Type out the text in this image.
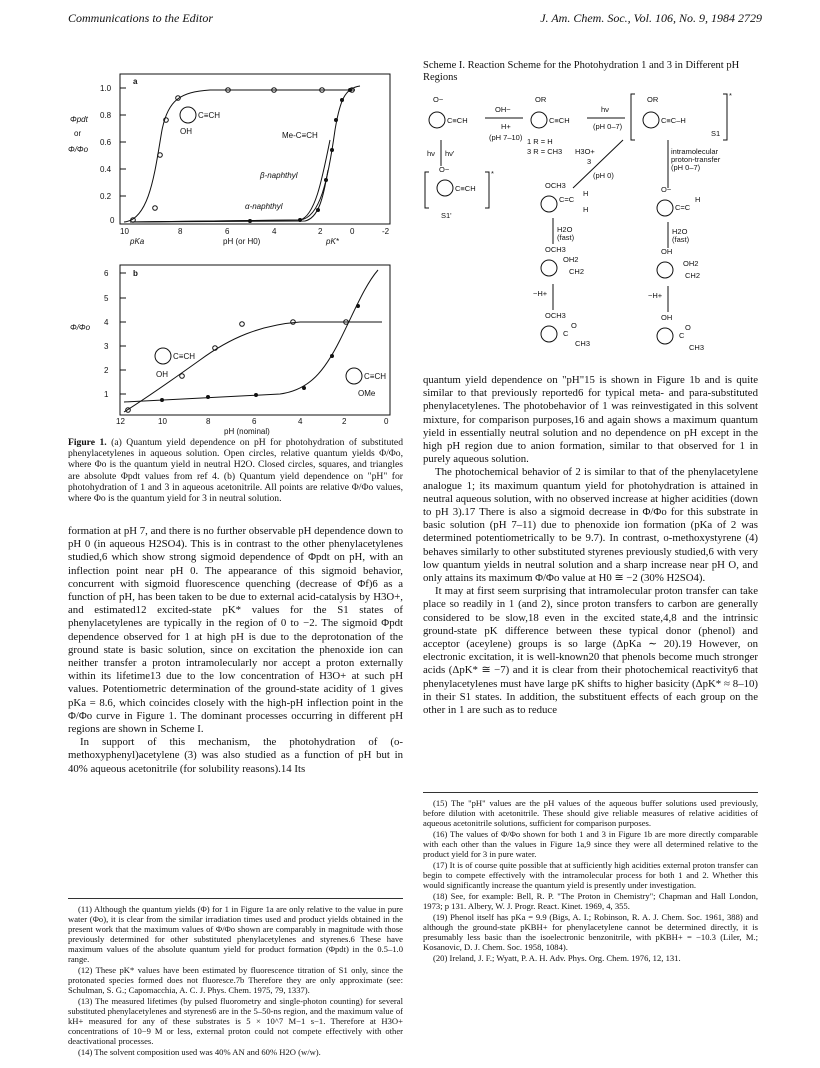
Communications to the Editor	J. Am. Chem. Soc., Vol. 106, No. 9, 1984 2729
a
1.0
0.8
0.6
0.4
0.2
0
Φpdt
or
Φ/Φo
10	8	6	4	2	0	-2
pKa	pH (or H0)	pK*
Me-C≡CH
β-naphthyl
α-naphthyl
C≡CH
OH
b
6
5
4
3
2
1
Φ/Φo
12	10	8	6	4	2	0
pH (nominal)
C≡CH
OH	C≡CH
OMe
Figure 1. (a) Quantum yield dependence on pH for photohydration of substituted phenylacetylenes in aqueous solution. Open circles, relative quantum yields Φ/Φo, where Φo is the quantum yield in neutral H2O. Closed circles, squares, and triangles are absolute Φpdt values from ref 4. (b) Quantum yield dependence on "pH" for photohydration of 1 and 3 in aqueous acetonitrile. All points are relative Φ/Φo values, where Φo is the quantum yield for 3 in neutral solution.

formation at pH 7, and there is no further observable pH dependence down to pH 0 (in aqueous H2SO4). This is in contrast to the other phenylacetylenes studied,6 which show strong sigmoid dependence of Φpdt on pH, with an inflection point near pH 0. The appearance of this sigmoid behavior, concurrent with sigmoid fluorescence quenching (decrease of Φf)6 as a function of pH, has been taken to be due to external acid-catalysis by H3O+, and estimated12 excited-state pK* values for the S1 states of phenylacetylenes are typically in the region of 0 to −2. The sigmoid Φpdt dependence observed for 1 at high pH is due to the deprotonation of the ground state is basic solution, since on excitation the phenoxide ion can neither transfer a proton intramolecularly nor accept a proton externally within its lifetime13 due to the low concentration of H3O+ at such pH values. Potentiometric determination of the ground-state acidity of 1 gives pKa = 8.6, which coincides closely with the high-pH inflection point in the Φ/Φo curve in Figure 1. The dominant processes occurring in different pH regions are shown in Scheme I.

In support of this mechanism, the photohydration of (o-methoxyphenyl)acetylene (3) was also studied as a function of pH but in 40% aqueous acetonitrile (for solubility reasons).14 Its

(11) Although the quantum yields (Φ) for 1 in Figure 1a are only relative to the value in pure water (Φo), it is clear from the similar irradiation times used and product yields obtained in the present work that the maximum values of Φ/Φo shown are comparably in magnitude with those previously determined for other substituted phenylacetylenes and styrenes.6 These have maximum values of the absolute quantum yield for product formation (Φpdt) in the 0.5–1.0 range.

(12) These pK* values have been estimated by fluorescence titration of S1 only, since the protonated species formed does not fluoresce.7b Therefore they are only approximate (see: Schulman, S. G.; Capomacchia, A. C. J. Phys. Chem. 1975, 79, 1337).

(13) The measured lifetimes (by pulsed fluorometry and single-photon counting) for several substituted phenylacetylenes and styrenes6 are in the 5–50-ns region, and the maximum value of kH+ measured for any of these substrates is 5 × 10^7 M−1 s−1. Therefore at H3O+ concentrations of 10−9 M or less, external proton could not compete effectively with other deactivational processes.

(14) The solvent composition used was 40% AN and 60% H2O (w/w).

Scheme I. Reaction Scheme for the Photohydration 1 and 3 in Different pH Regions
O−
C≡CH
OH−
H+
(pH 7–10)
OR
C≡CH
hν
(pH 0–7)
OR
C≡C–H
*
S1
hν hν'
1 R = H
3 R = CH3
O−
C≡CH
*
S1'
H3O+
3
(pH 0)
intramolecular
proton-transfer
(pH 0–7)
OCH3
C=C
H
H
H2O
(fast)
O−
C=C
H
H2O
(fast)
OCH3
OH2
CH2
OH
OH2
CH2
−H+	−H+
OCH3
C
O
CH3
OH
C
O
CH3

quantum yield dependence on "pH"15 is shown in Figure 1b and is quite similar to that previously reported6 for typical meta- and para-substituted phenylacetylenes. The photobehavior of 1 was reinvestigated in this solvent mixture, for comparison purposes,16 and again shows a maximum quantum yield in essentially neutral solution and no dependence on pH except in the high pH region due to anion formation, similar to that observed for 1 in purely aqueous solution.

The photochemical behavior of 2 is similar to that of the phenylacetylene analogue 1; its maximum quantum yield for photohydration is attained in neutral aqueous solution, with no observed increase at higher acidities (down to pH 3).17 There is also a sigmoid decrease in Φ/Φo for this substrate in basic solution (pH 7–11) due to phenoxide ion formation (pKa of 2 was determined potentiometrically to be 9.7). In contrast, o-methoxystyrene (4) behaves similarly to other substituted styrenes previously studied,6 with very low quantum yields in neutral solution and a sharp increase near pH O, and only attains its maximum Φ/Φo value at H0 ≅ −2 (30% H2SO4).

It may at first seem surprising that intramolecular proton transfer can take place so readily in 1 (and 2), since proton transfers to carbon are generally considered to be slow,18 even in the excited state,4,8 and the intrinsic ground-state pK difference between these typical donor (phenol) and acceptor (aceylene) groups is so large (ΔpKa ∼ 20).19 However, on electronic excitation, it is well-known20 that phenols become much stronger acids (ΔpK* ≅ −7) and it is clear from their photochemical reactivity6 that phenylacetylenes must have large pK shifts to higher basicity (ΔpK* ≈ 8–10) in their S1 states. In addition, the substituent effects of each group on the other in 1 are such as to reduce

(15) The "pH" values are the pH values of the aqueous buffer solutions used previously, before dilution with acetonitrile. These should give reliable measures of relative acidities of aqueous acetonitrile solutions, sufficient for comparison purposes.

(16) The values of Φ/Φo shown for both 1 and 3 in Figure 1b are more directly comparable with each other than the values in Figure 1a,9 since they were all determined relative to the product yield for 3 in pure water.

(17) It is of course quite possible that at sufficiently high acidities external proton transfer can begin to compete effectively with the intramolecular process for both 1 and 2. Whether this would significantly increase the quantum yield is presently under investigation.

(18) See, for example: Bell, R. P. "The Proton in Chemistry"; Chapman and Hall London, 1973; p 131. Albery, W. J. Progr. React. Kinet. 1969, 4, 355.

(19) Phenol itself has pKa = 9.9 (Bigs, A. I.; Robinson, R. A. J. Chem. Soc. 1961, 388) and although the ground-state pKBH+ for phenylacetylene cannot be determined directly, it is presumably less basic than the isoelectronic benzonitrile, with pKBH+ = −10.3 (Liler, M.; Kosanovic, D. J. Chem. Soc. 1958, 1084).

(20) Ireland, J. F.; Wyatt, P. A. H. Adv. Phys. Org. Chem. 1976, 12, 131.
